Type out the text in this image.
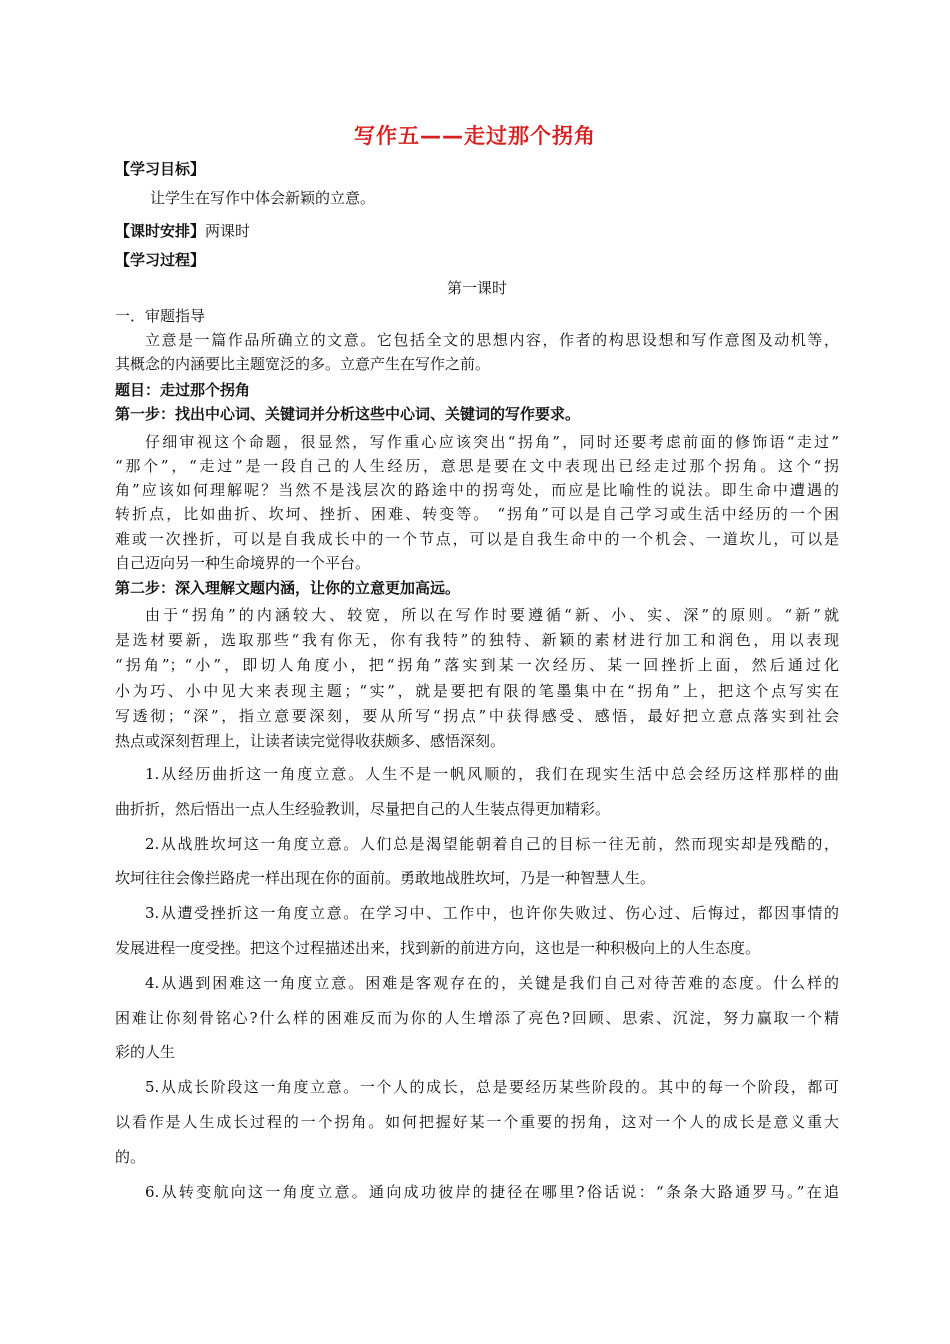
写作五——走过那个拐角
【学习目标】
让学生在写作中体会新颖的立意。
【课时安排】两课时
【学习过程】
第一课时
一．审题指导
立意是一篇作品所确立的文意。它包括全文的思想内容，作者的构思设想和写作意图及动机等，
其概念的内涵要比主题宽泛的多。立意产生在写作之前。
题目：走过那个拐角
第一步：找出中心词、关键词并分析这些中心词、关键词的写作要求。
仔细审视这个命题，很显然，写作重心应该突出“拐角”，同时还要考虑前面的修饰语“走过”
“那个”，“走过”是一段自己的人生经历，意思是要在文中表现出已经走过那个拐角。这个“拐
角”应该如何理解呢？当然不是浅层次的路途中的拐弯处，而应是比喻性的说法。即生命中遭遇的
转折点，比如曲折、坎坷、挫折、困难、转变等。 “拐角”可以是自己学习或生活中经历的一个困
难或一次挫折，可以是自我成长中的一个节点，可以是自我生命中的一个机会、一道坎儿，可以是
自己迈向另一种生命境界的一个平台。
第二步：深入理解文题内涵，让你的立意更加高远。
由于“拐角”的内涵较大、较宽，所以在写作时要遵循“新、小、实、深”的原则。“新”就
是选材要新，选取那些“我有你无，你有我特”的独特、新颖的素材进行加工和润色，用以表现
“拐角”；“小”，即切人角度小，把“拐角”落实到某一次经历、某一回挫折上面，然后通过化
小为巧、小中见大来表现主题；“实”，就是要把有限的笔墨集中在“拐角”上，把这个点写实在
写透彻；“深”，指立意要深刻，要从所写“拐点”中获得感受、感悟，最好把立意点落实到社会
热点或深刻哲理上，让读者读完觉得收获颇多、感悟深刻。
1.从经历曲折这一角度立意。人生不是一帆风顺的，我们在现实生活中总会经历这样那样的曲
曲折折，然后悟出一点人生经验教训，尽量把自己的人生装点得更加精彩。
2.从战胜坎坷这一角度立意。人们总是渴望能朝着自己的目标一往无前，然而现实却是残酷的，
坎坷往往会像拦路虎一样出现在你的面前。勇敢地战胜坎坷，乃是一种智慧人生。
3.从遭受挫折这一角度立意。在学习中、工作中，也许你失败过、伤心过、后悔过，都因事情的
发展进程一度受挫。把这个过程描述出来，找到新的前进方向，这也是一种积极向上的人生态度。
4.从遇到困难这一角度立意。困难是客观存在的，关键是我们自己对待苦难的态度。什么样的
困难让你刻骨铭心?什么样的困难反而为你的人生增添了亮色?回顾、思索、沉淀，努力赢取一个精
彩的人生
5.从成长阶段这一角度立意。一个人的成长，总是要经历某些阶段的。其中的每一个阶段，都可
以看作是人生成长过程的一个拐角。如何把握好某一个重要的拐角，这对一个人的成长是意义重大
的。
6.从转变航向这一角度立意。通向成功彼岸的捷径在哪里?俗话说：“条条大路通罗马。”在追
